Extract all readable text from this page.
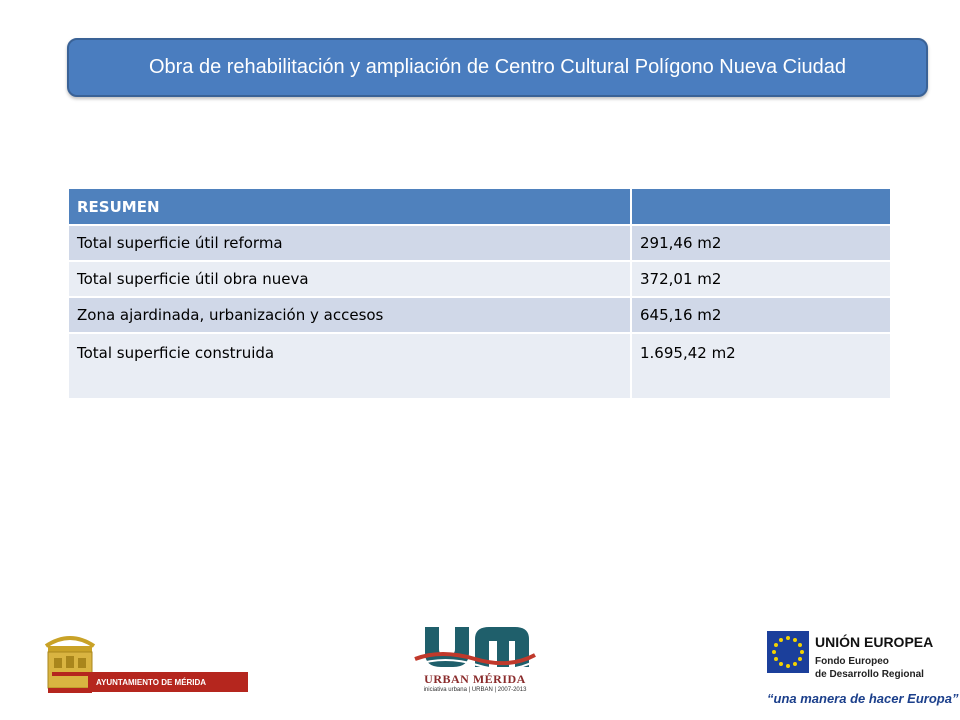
Obra de rehabilitación y ampliación de Centro Cultural Polígono Nueva Ciudad
RESUMEN	
Total superficie útil reforma	291,46 m2
Total superficie útil obra nueva	372,01 m2
Zona ajardinada, urbanización y accesos	645,16 m2
Total superficie construida	1.695,42 m2
AYUNTAMIENTO DE MÉRIDA	URBAN MÉRIDA
iniciativa urbana | URBAN | 2007-2013
UNIÓN EUROPEA
Fondo Europeo
de Desarrollo Regional
“una manera de hacer Europa”
